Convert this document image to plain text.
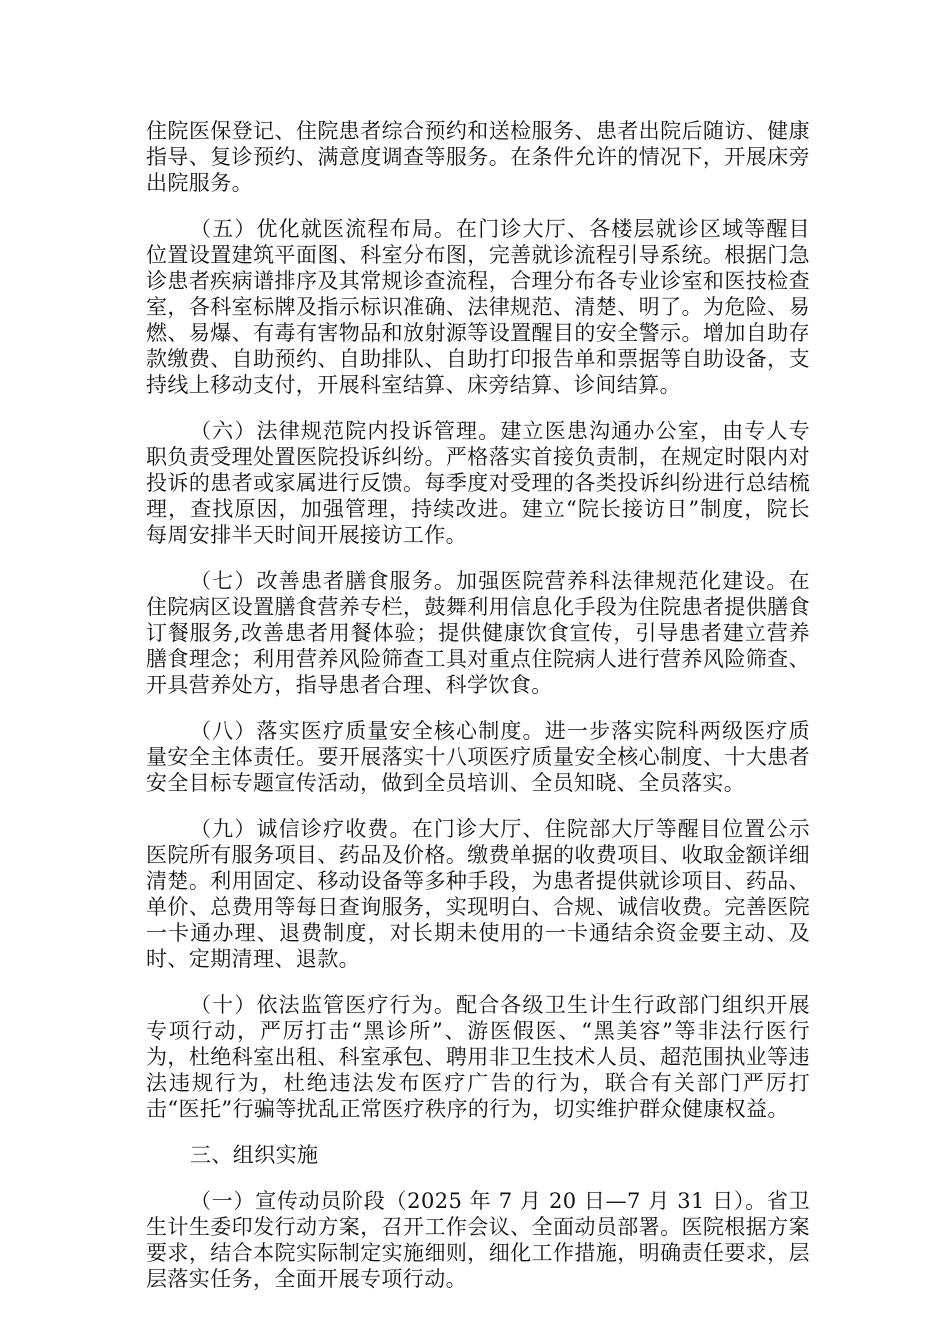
住院医保登记、住院患者综合预约和送检服务、患者出院后随访、健康指导、复诊预约、满意度调查等服务。在条件允许的情况下，开展床旁出院服务。

（五）优化就医流程布局。在门诊大厅、各楼层就诊区域等醒目位置设置建筑平面图、科室分布图，完善就诊流程引导系统。根据门急诊患者疾病谱排序及其常规诊查流程，合理分布各专业诊室和医技检查室，各科室标牌及指示标识准确、法律规范、清楚、明了。为危险、易燃、易爆、有毒有害物品和放射源等设置醒目的安全警示。增加自助存款缴费、自助预约、自助排队、自助打印报告单和票据等自助设备，支持线上移动支付，开展科室结算、床旁结算、诊间结算。

（六）法律规范院内投诉管理。建立医患沟通办公室，由专人专职负责受理处置医院投诉纠纷。严格落实首接负责制，在规定时限内对投诉的患者或家属进行反馈。每季度对受理的各类投诉纠纷进行总结梳理，查找原因，加强管理，持续改进。建立“院长接访日”制度，院长每周安排半天时间开展接访工作。

（七）改善患者膳食服务。加强医院营养科法律规范化建设。在住院病区设置膳食营养专栏，鼓舞利用信息化手段为住院患者提供膳食订餐服务,改善患者用餐体验；提供健康饮食宣传，引导患者建立营养膳食理念；利用营养风险筛查工具对重点住院病人进行营养风险筛查、开具营养处方，指导患者合理、科学饮食。

（八）落实医疗质量安全核心制度。进一步落实院科两级医疗质量安全主体责任。要开展落实十八项医疗质量安全核心制度、十大患者安全目标专题宣传活动，做到全员培训、全员知晓、全员落实。

（九）诚信诊疗收费。在门诊大厅、住院部大厅等醒目位置公示医院所有服务项目、药品及价格。缴费单据的收费项目、收取金额详细清楚。利用固定、移动设备等多种手段，为患者提供就诊项目、药品、单价、总费用等每日查询服务，实现明白、合规、诚信收费。完善医院一卡通办理、退费制度，对长期未使用的一卡通结余资金要主动、及时、定期清理、退款。

（十）依法监管医疗行为。配合各级卫生计生行政部门组织开展专项行动，严厉打击“黑诊所”、游医假医、“黑美容”等非法行医行为，杜绝科室出租、科室承包、聘用非卫生技术人员、超范围执业等违法违规行为，杜绝违法发布医疗广告的行为，联合有关部门严厉打击“医托”行骗等扰乱正常医疗秩序的行为，切实维护群众健康权益。

三、组织实施

（一）宣传动员阶段（2025 年 7 月 20 日—7 月 31 日）。省卫生计生委印发行动方案，召开工作会议、全面动员部署。医院根据方案要求，结合本院实际制定实施细则，细化工作措施，明确责任要求，层层落实任务，全面开展专项行动。
